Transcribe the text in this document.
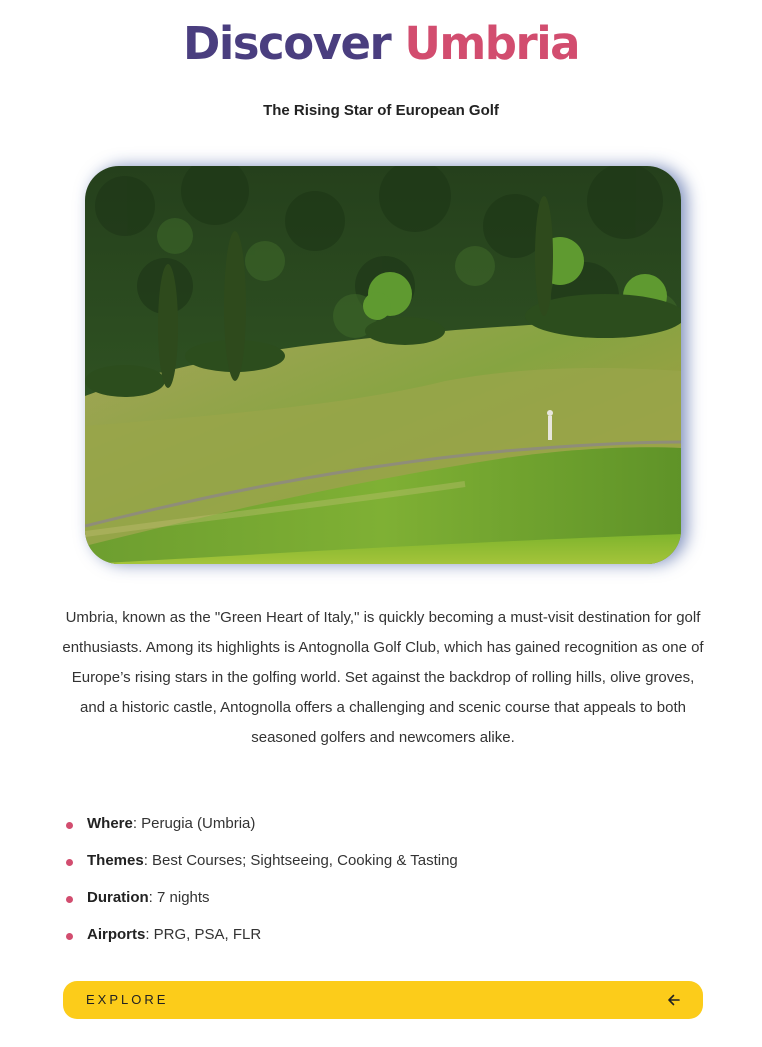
Discover Umbria

The Rising Star of European Golf

Umbria, known as the "Green Heart of Italy," is quickly becoming a must-visit destination for golf enthusiasts. Among its highlights is Antognolla Golf Club, which has gained recognition as one of Europe’s rising stars in the golfing world. Set against the backdrop of rolling hills, olive groves, and a historic castle, Antognolla offers a challenging and scenic course that appeals to both seasoned golfers and newcomers alike.

Where: Perugia (Umbria)
Themes: Best Courses; Sightseeing, Cooking & Tasting
Duration: 7 nights
Airports: PRG, PSA, FLR
EXPLORE
